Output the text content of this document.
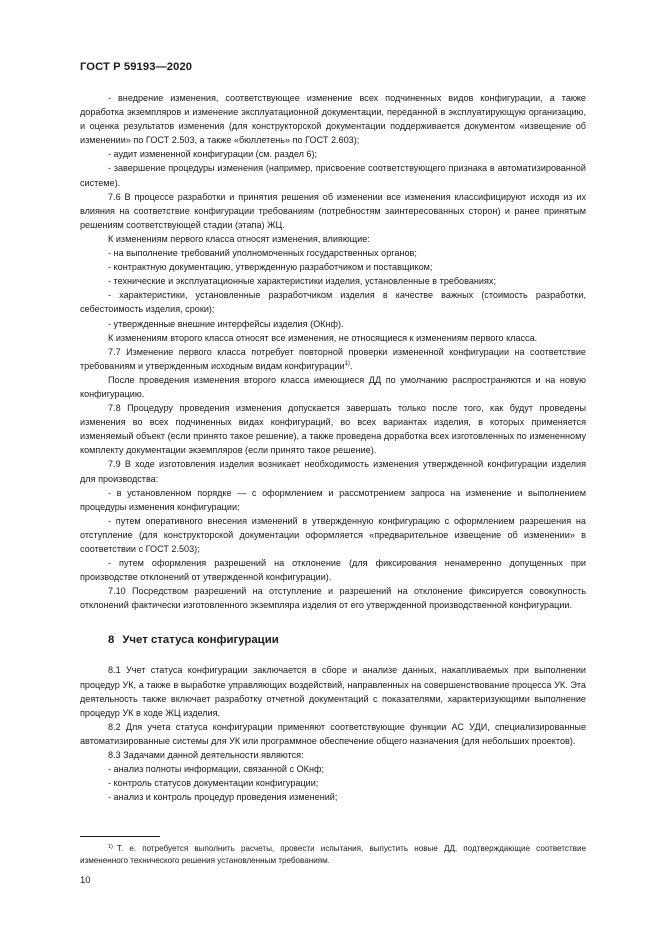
ГОСТ Р 59193—2020

- внедрение изменения, соответствующее изменение всех подчиненных видов конфигурации, а также доработка экземпляров и изменение эксплуатационной документации, переданной в эксплуатирующую организацию, и оценка результатов изменения (для конструкторской документации поддерживается документом «извещение об изменении» по ГОСТ 2.503, а также «бюллетень» по ГОСТ 2.603);

- аудит измененной конфигурации (см. раздел 6);

- завершение процедуры изменения (например, присвоение соответствующего признака в автоматизированной системе).

7.6 В процессе разработки и принятия решения об изменении все изменения классифицируют исходя из их влияния на соответствие конфигурации требованиям (потребностям заинтересованных сторон) и ранее принятым решениям соответствующей стадии (этапа) ЖЦ.

К изменениям первого класса относят изменения, влияющие:

- на выполнение требований уполномоченных государственных органов;

- контрактную документацию, утвержденную разработчиком и поставщиком;

- технические и эксплуатационные характеристики изделия, установленные в требованиях;

- характеристики, установленные разработчиком изделия в качестве важных (стоимость разработки, себестоимость изделия, сроки);

- утвержденные внешние интерфейсы изделия (ОКнф).

К изменениям второго класса относят все изменения, не относящиеся к изменениям первого класса.

7.7 Изменение первого класса потребует повторной проверки измененной конфигурации на соответствие требованиям и утвержденным исходным видам конфигурации$^{1)}$.

После проведения изменения второго класса имеющиеся ДД по умолчанию распространяются и на новую конфигурацию.

7.8 Процедуру проведения изменения допускается завершать только после того, как будут проведены изменения во всех подчиненных видах конфигураций, во всех вариантах изделия, в которых применяется изменяемый объект (если принято такое решение), а также проведена доработка всех изготовленных по измененному комплекту документации экземпляров (если принято такое решение).

7.9 В ходе изготовления изделия возникает необходимость изменения утвержденной конфигурации изделия для производства:

- в установленном порядке — с оформлением и рассмотрением запроса на изменение и выполнением процедуры изменения конфигурации;

- путем оперативного внесения изменений в утвержденную конфигурацию с оформлением разрешения на отступление (для конструкторской документации оформляется «предварительное извещение об изменении» в соответствии с ГОСТ 2.503);

- путем оформления разрешений на отклонение (для фиксирования ненамеренно допущенных при производстве отклонений от утвержденной конфигурации).

7.10 Посредством разрешений на отступление и разрешений на отклонение фиксируется совокупность отклонений фактически изготовленного экземпляра изделия от его утвержденной производственной конфигурации.

8 Учет статуса конфигурации

8.1 Учет статуса конфигурации заключается в сборе и анализе данных, накапливаемых при выполнении процедур УК, а также в выработке управляющих воздействий, направленных на совершенствование процесса УК. Эта деятельность также включает разработку отчетной документаций с показателями, характеризующими выполнение процедур УК в ходе ЖЦ изделия.

8.2 Для учета статуса конфигурации применяют соответствующие функции АС УДИ, специализированные автоматизированные системы для УК или программное обеспечение общего назначения (для небольших проектов).

8.3 Задачами данной деятельности являются:

- анализ полноты информации, связанной с ОКнф;

- контроль статусов документации конфигурации;

- анализ и контроль процедур проведения изменений;

$^{1)}$ Т. е. потребуется выполнить расчеты, провести испытания, выпустить новые ДД, подтверждающие соответствие измененного технического решения установленным требованиям.

10
